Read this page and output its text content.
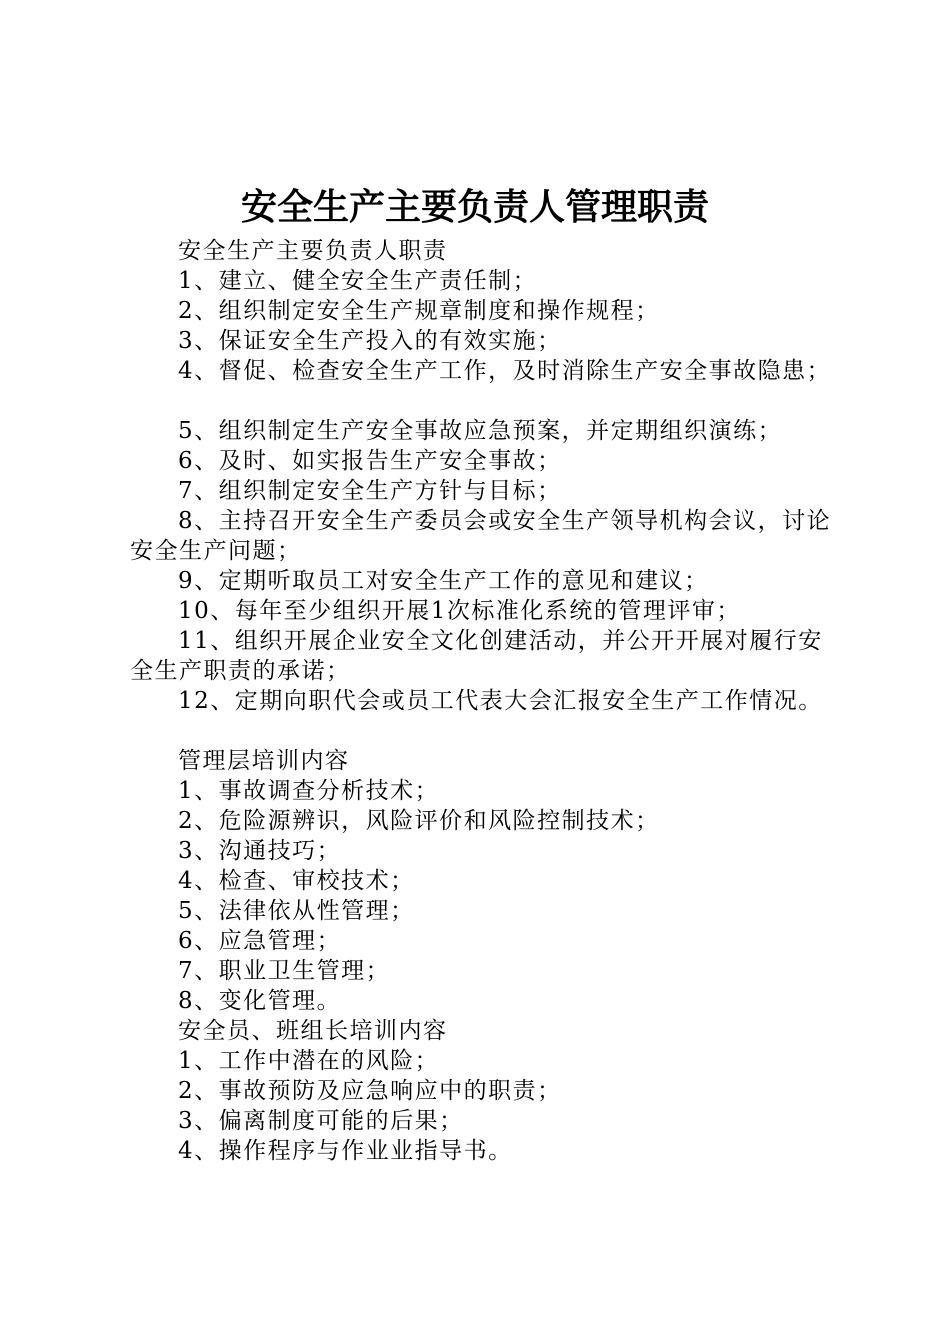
安全生产主要负责人管理职责

安全生产主要负责人职责

1、建立、健全安全生产责任制；

2、组织制定安全生产规章制度和操作规程；

3、保证安全生产投入的有效实施；

4、督促、检查安全生产工作，及时消除生产安全事故隐患；

5、组织制定生产安全事故应急预案，并定期组织演练；

6、及时、如实报告生产安全事故；

7、组织制定安全生产方针与目标；

8、主持召开安全生产委员会或安全生产领导机构会议，讨论安全生产问题；

9、定期听取员工对安全生产工作的意见和建议；

10、每年至少组织开展1次标准化系统的管理评审；

11、组织开展企业安全文化创建活动，并公开开展对履行安全生产职责的承诺；

12、定期向职代会或员工代表大会汇报安全生产工作情况。

管理层培训内容

1、事故调查分析技术；

2、危险源辨识，风险评价和风险控制技术；

3、沟通技巧；

4、检查、审校技术；

5、法律依从性管理；

6、应急管理；

7、职业卫生管理；

8、变化管理。

安全员、班组长培训内容

1、工作中潜在的风险；

2、事故预防及应急响应中的职责；

3、偏离制度可能的后果；

4、操作程序与作业业指导书。
